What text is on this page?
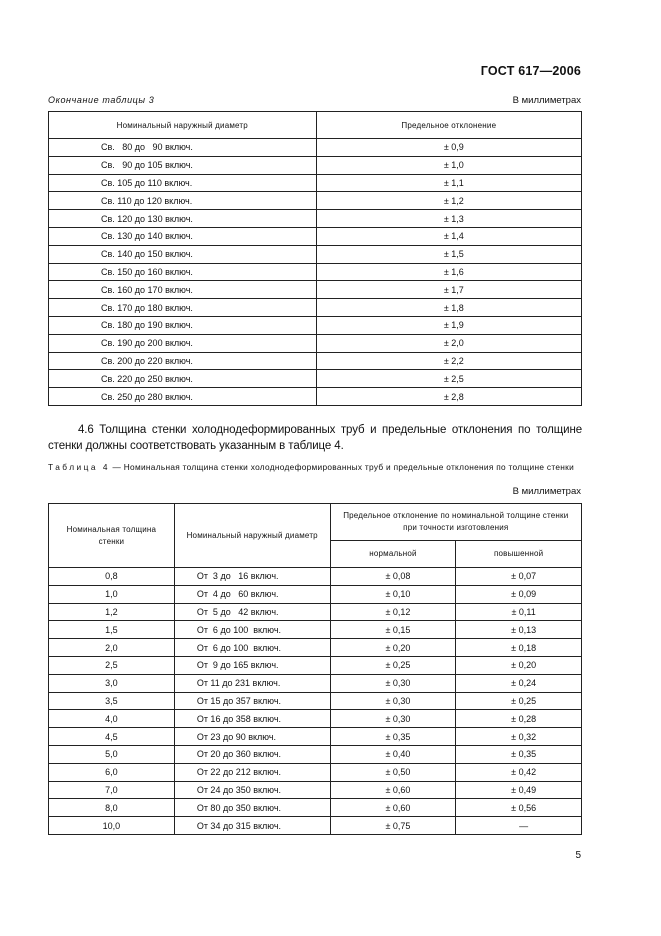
ГОСТ 617—2006
Окончание таблицы 3	В миллиметрах
Номинальный наружный диаметр	Предельное отклонение
Св.   80 до   90 включ.	± 0,9
Св.   90 до 105 включ.	± 1,0
Св. 105 до 110 включ.	± 1,1
Св. 110 до 120 включ.	± 1,2
Св. 120 до 130 включ.	± 1,3
Св. 130 до 140 включ.	± 1,4
Св. 140 до 150 включ.	± 1,5
Св. 150 до 160 включ.	± 1,6
Св. 160 до 170 включ.	± 1,7
Св. 170 до 180 включ.	± 1,8
Св. 180 до 190 включ.	± 1,9
Св. 190 до 200 включ.	± 2,0
Св. 200 до 220 включ.	± 2,2
Св. 220 до 250 включ.	± 2,5
Св. 250 до 280 включ.	± 2,8
4.6 Толщина стенки холоднодеформированных труб и предельные отклонения по толщине стенки должны соответствовать указанным в таблице 4.
Таблица 4 — Номинальная толщина стенки холоднодеформированных труб и предельные отклонения по толщине стенки
В миллиметрах
Номинальная толщина стенки	Номинальный наружный диаметр	Предельное отклонение по номинальной толщине стенки при точности изготовления	
		нормальной	повышенной
0,8	От  3 до   16 включ.	± 0,08	± 0,07
1,0	От  4 до   60 включ.	± 0,10	± 0,09
1,2	От  5 до   42 включ.	± 0,12	± 0,11
1,5	От  6 до 100  включ.	± 0,15	± 0,13
2,0	От  6 до 100  включ.	± 0,20	± 0,18
2,5	От  9 до 165 включ.	± 0,25	± 0,20
3,0	От 11 до 231 включ.	± 0,30	± 0,24
3,5	От 15 до 357 включ.	± 0,30	± 0,25
4,0	От 16 до 358 включ.	± 0,30	± 0,28
4,5	От 23 до 90 включ.	± 0,35	± 0,32
5,0	От 20 до 360 включ.	± 0,40	± 0,35
6,0	От 22 до 212 включ.	± 0,50	± 0,42
7,0	От 24 до 350 включ.	± 0,60	± 0,49
8,0	От 80 до 350 включ.	± 0,60	± 0,56
10,0	От 34 до 315 включ.	± 0,75	—
5
